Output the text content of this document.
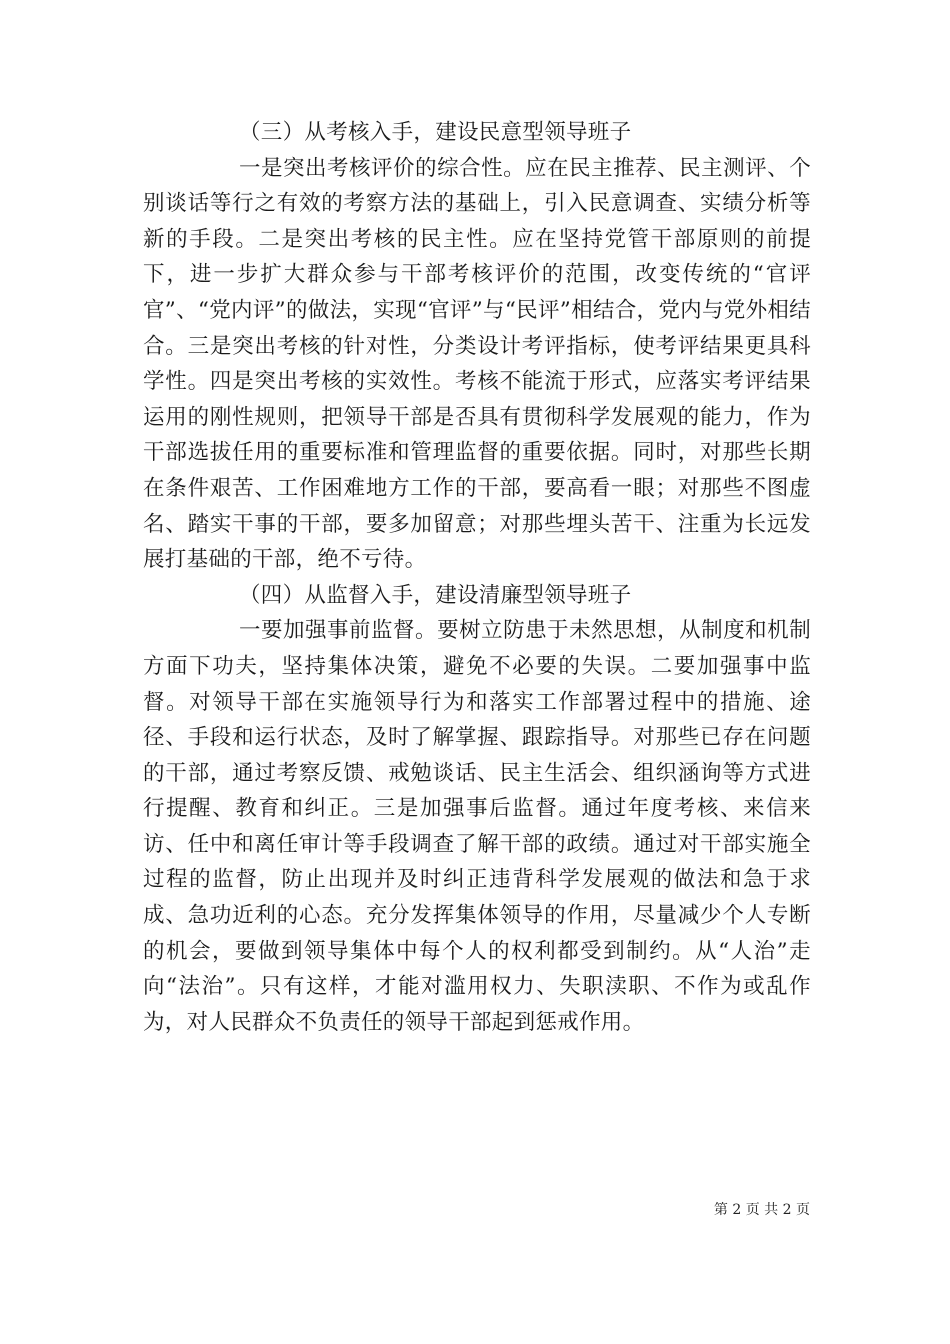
（三）从考核入手，建设民意型领导班子

一是突出考核评价的综合性。应在民主推荐、民主测评、个别谈话等行之有效的考察方法的基础上，引入民意调查、实绩分析等新的手段。二是突出考核的民主性。应在坚持党管干部原则的前提下，进一步扩大群众参与干部考核评价的范围，改变传统的“官评官”、“党内评”的做法，实现“官评”与“民评”相结合，党内与党外相结合。三是突出考核的针对性，分类设计考评指标，使考评结果更具科学性。四是突出考核的实效性。考核不能流于形式，应落实考评结果运用的刚性规则，把领导干部是否具有贯彻科学发展观的能力，作为干部选拔任用的重要标准和管理监督的重要依据。同时，对那些长期在条件艰苦、工作困难地方工作的干部，要高看一眼；对那些不图虚名、踏实干事的干部，要多加留意；对那些埋头苦干、注重为长远发展打基础的干部，绝不亏待。

（四）从监督入手，建设清廉型领导班子

一要加强事前监督。要树立防患于未然思想，从制度和机制方面下功夫，坚持集体决策，避免不必要的失误。二要加强事中监督。对领导干部在实施领导行为和落实工作部署过程中的措施、途径、手段和运行状态，及时了解掌握、跟踪指导。对那些已存在问题的干部，通过考察反馈、戒勉谈话、民主生活会、组织涵询等方式进行提醒、教育和纠正。三是加强事后监督。通过年度考核、来信来访、任中和离任审计等手段调查了解干部的政绩。通过对干部实施全过程的监督，防止出现并及时纠正违背科学发展观的做法和急于求成、急功近利的心态。充分发挥集体领导的作用，尽量减少个人专断的机会，要做到领导集体中每个人的权利都受到制约。从“人治”走向“法治”。只有这样，才能对滥用权力、失职渎职、不作为或乱作为，对人民群众不负责任的领导干部起到惩戒作用。

第 2 页 共 2 页
